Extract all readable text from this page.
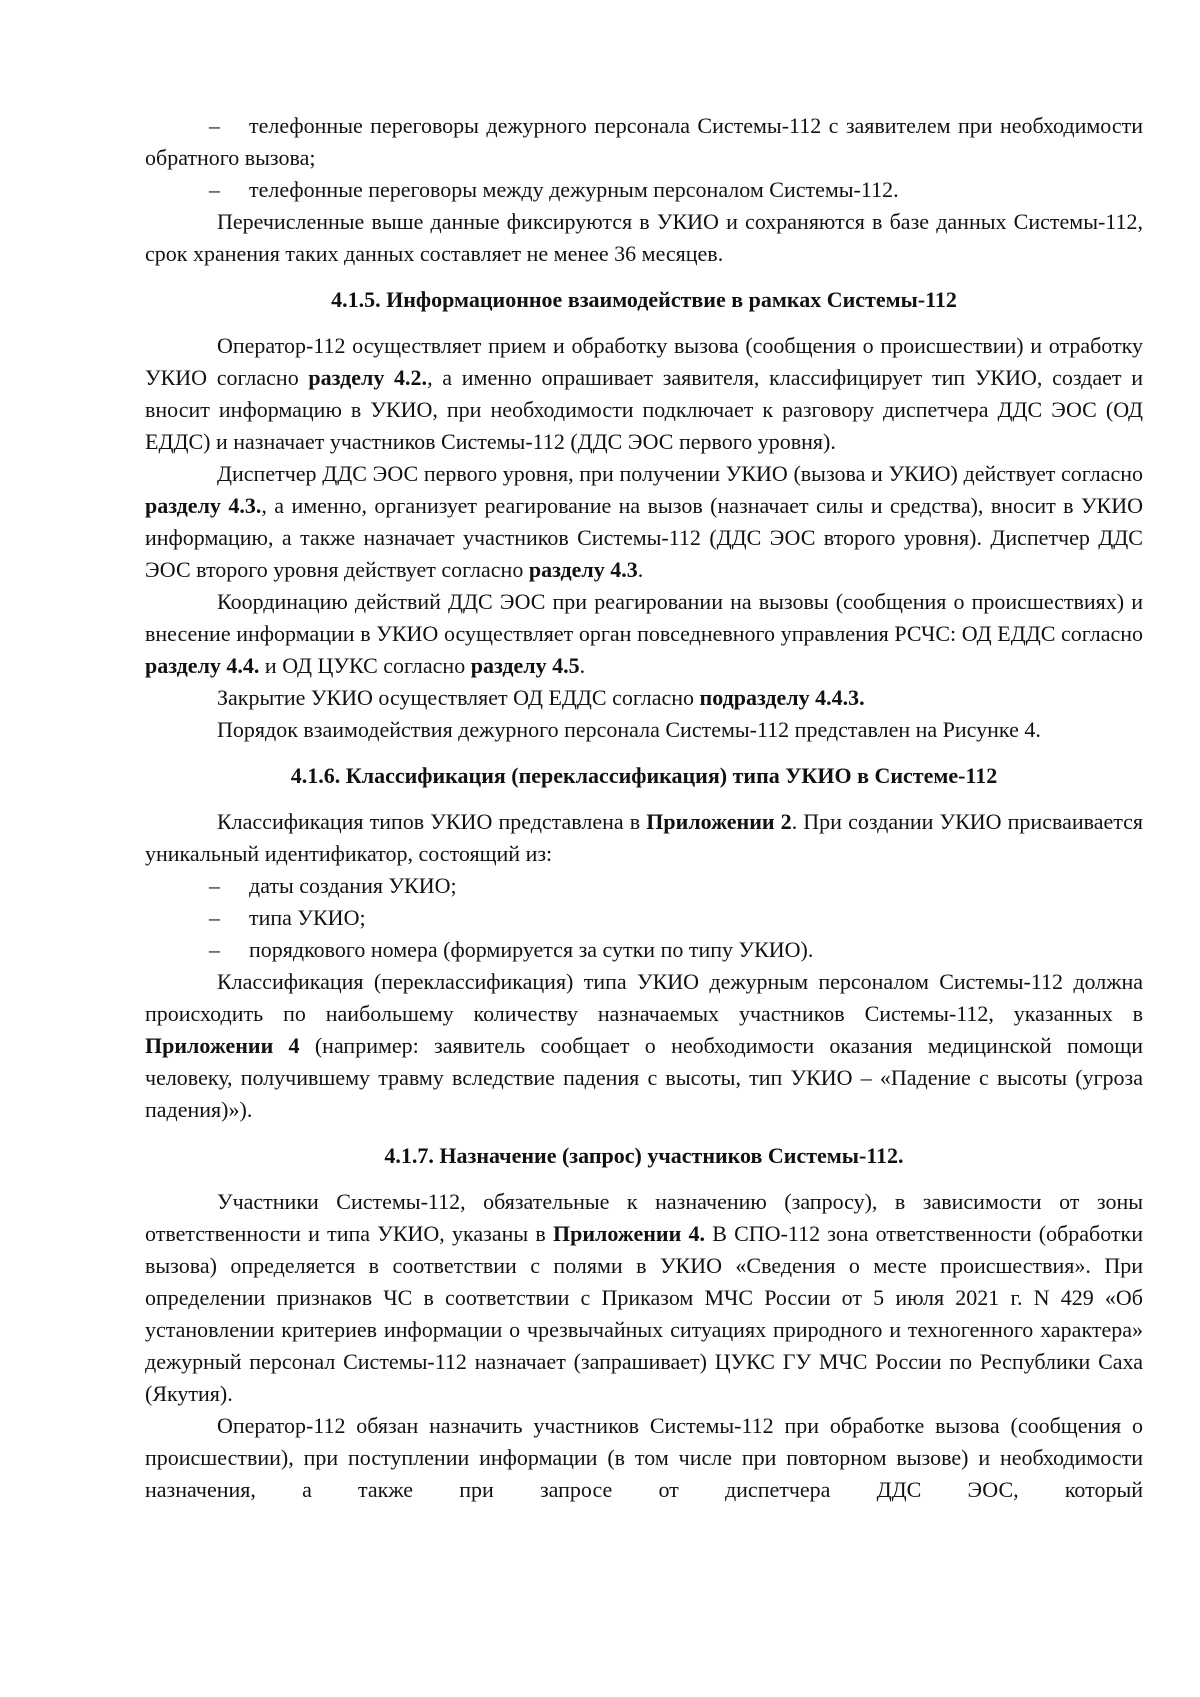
– телефонные переговоры дежурного персонала Системы-112 с заявителем при необходимости обратного вызова;

– телефонные переговоры между дежурным персоналом Системы-112.

Перечисленные выше данные фиксируются в УКИО и сохраняются в базе данных Системы-112, срок хранения таких данных составляет не менее 36 месяцев.

4.1.5. Информационное взаимодействие в рамках Системы-112

Оператор-112 осуществляет прием и обработку вызова (сообщения о происшествии) и отработку УКИО согласно разделу 4.2., а именно опрашивает заявителя, классифицирует тип УКИО, создает и вносит информацию в УКИО, при необходимости подключает к разговору диспетчера ДДС ЭОС (ОД ЕДДС) и назначает участников Системы-112 (ДДС ЭОС первого уровня).

Диспетчер ДДС ЭОС первого уровня, при получении УКИО (вызова и УКИО) действует согласно разделу 4.3., а именно, организует реагирование на вызов (назначает силы и средства), вносит в УКИО информацию, а также назначает участников Системы-112 (ДДС ЭОС второго уровня). Диспетчер ДДС ЭОС второго уровня действует согласно разделу 4.3.

Координацию действий ДДС ЭОС при реагировании на вызовы (сообщения о происшествиях) и внесение информации в УКИО осуществляет орган повседневного управления РСЧС: ОД ЕДДС согласно разделу 4.4. и ОД ЦУКС согласно разделу 4.5.

Закрытие УКИО осуществляет ОД ЕДДС согласно подразделу 4.4.3.

Порядок взаимодействия дежурного персонала Системы-112 представлен на Рисунке 4.

4.1.6. Классификация (переклассификация) типа УКИО в Системе-112

Классификация типов УКИО представлена в Приложении 2. При создании УКИО присваивается уникальный идентификатор, состоящий из:

– даты создания УКИО;

– типа УКИО;

– порядкового номера (формируется за сутки по типу УКИО).

Классификация (переклассификация) типа УКИО дежурным персоналом Системы-112 должна происходить по наибольшему количеству назначаемых участников Системы-112, указанных в Приложении 4 (например: заявитель сообщает о необходимости оказания медицинской помощи человеку, получившему травму вследствие падения с высоты, тип УКИО – «Падение с высоты (угроза падения)»).

4.1.7. Назначение (запрос) участников Системы-112.

Участники Системы-112, обязательные к назначению (запросу), в зависимости от зоны ответственности и типа УКИО, указаны в Приложении 4. В СПО-112 зона ответственности (обработки вызова) определяется в соответствии с полями в УКИО «Сведения о месте происшествия». При определении признаков ЧС в соответствии с Приказом МЧС России от 5 июля 2021 г. N 429 «Об установлении критериев информации о чрезвычайных ситуациях природного и техногенного характера» дежурный персонал Системы-112 назначает (запрашивает) ЦУКС ГУ МЧС России по Республики Саха (Якутия).

Оператор-112 обязан назначить участников Системы-112 при обработке вызова (сообщения о происшествии), при поступлении информации (в том числе при повторном вызове) и необходимости назначения, а также при запросе от диспетчера ДДС ЭОС, который
